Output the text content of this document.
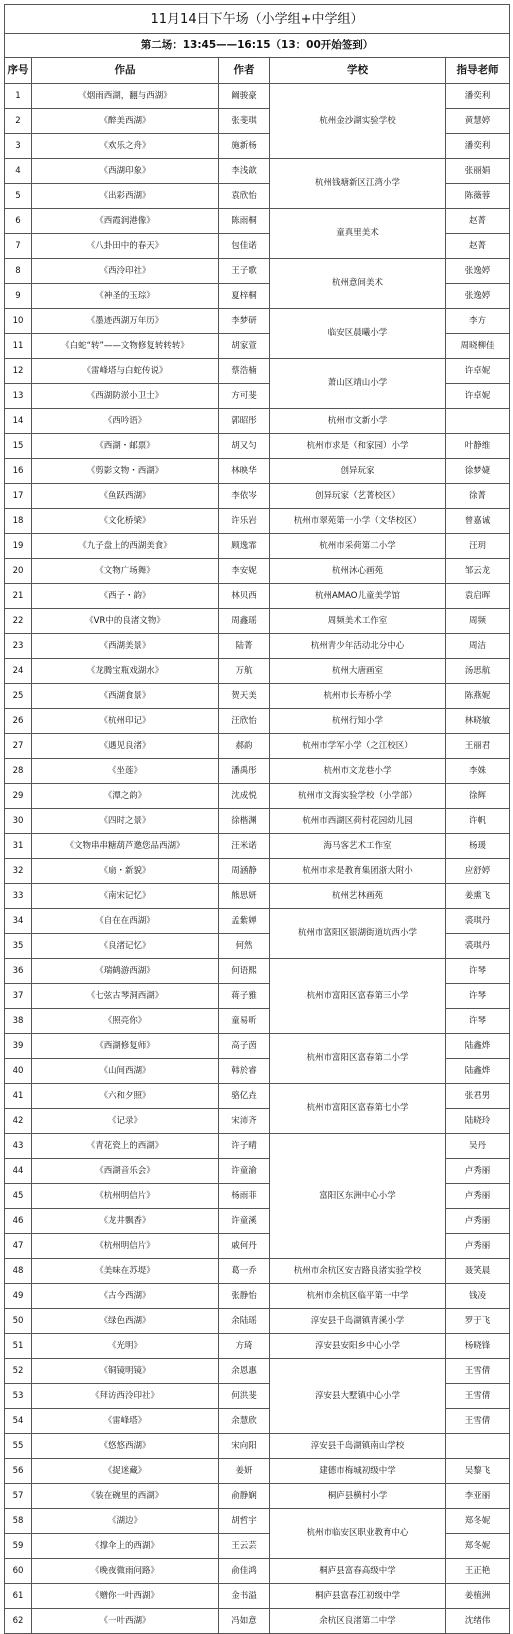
11月14日下午场（小学组+中学组）				
第二场：13:45——16:15（13：00开始签到）				
序号	作品	作者	学校	指导老师
1	《烟雨西湖，翻与西湖》	阚骏豪	杭州金沙湖实验学校	潘奕利
2	《醉美西湖》	张斐琪		黄慧婷
3	《欢乐之舟》	施新杨		潘奕利
4	《西湖印象》	李浅歆	杭州钱塘新区江湾小学	张丽娟
5	《出彩西湖》	袁欣怡		陈薇蓉
6	《西霞润港像》	陈雨桐	童真里美术	赵菁
7	《八卦田中的春天》	包佳诺		赵菁
8	《西泠印社》	王子歌	杭州意间美术	张逸婷
9	《神圣的玉琮》	夏梓桐		张逸婷
10	《墨迹西湖万年历》	李梦研	临安区晨曦小学	李方
11	《白蛇“转”——文物修复转转转》	胡家萱		周晓柳佳
12	《雷峰塔与白蛇传说》	蔡浩楠	萧山区靖山小学	许卓妮
13	《西湖防淤小卫士》	方可斐		许卓妮
14	《西吟语》	郭昭彤	杭州市文新小学	
15	《西湖・邮票》	胡又匀	杭州市求是（和家园）小学	叶静维
16	《剪影文物・西湖》	林映华	创异玩家	徐梦婕
17	《鱼跃西湖》	李依岑	创异玩家（艺菁校区）	徐菁
18	《文化桥梁》	许乐岩	杭州市翠苑第一小学（文华校区）	曾嘉诚
19	《九子盘上的西湖美食》	顾逸霏	杭州市采荷第二小学	汪玥
20	《文物广场舞》	李安妮	杭州沐心画苑	邹云龙
21	《西子・韵》	林贝西	杭州AMAO儿童美学馆	袁启晖
22	《VR中的良渚文物》	周鑫瑶	周频美术工作室	周频
23	《西湖美景》	陆菁	杭州青少年活动北分中心	周洁
24	《龙腾宝瓶戏湖水》	万航	杭州大唐画室	汤思航
25	《西湖食景》	贺天美	杭州市长寿桥小学	陈燕妮
26	《杭州印记》	汪欣怡	杭州行知小学	林晓敏
27	《遇见良渚》	郝韵	杭州市学军小学（之江校区）	王丽君
28	《坐莲》	潘禹彤	杭州市文龙巷小学	李姝
29	《潭之韵》	沈成悦	杭州市文海实验学校（小学部）	徐辉
30	《四时之景》	徐楷渊	杭州市西湖区荷村花园幼儿园	许帆
31	《文物串串糖葫芦邀您品西湖》	汪米诺	海马客艺术工作室	杨瑗
32	《扇・新貌》	周涵静	杭州市求是教育集团浙大附小	应舒婷
33	《南宋记忆》	熊思妍	杭州艺林画苑	姜熏飞
34	《自在在西湖》	孟紫婵	杭州市富阳区银湖街道坑西小学	裘琪丹
35	《良渚记忆》	何然		裘琪丹
36	《瑞鹤游西湖》	何语熙	杭州市富阳区富春第三小学	许琴
37	《七弦古琴洞西湖》	蒋子雅		许琴
38	《照亮你》	童易昕		许琴
39	《西湖修复师》	高子茵	杭州市富阳区富春第二小学	陆鑫烨
40	《山间西湖》	韩於睿		陆鑫烨
41	《六和夕照》	骆亿垚	杭州市富阳区富春第七小学	张君男
42	《记录》	宋沛齐		陆晓玲
43	《青花瓷上的西湖》	许子晴	富阳区东洲中心小学	吴丹
44	《西湖音乐会》	许童渝		卢秀丽
45	《杭州明信片》	杨雨菲		卢秀丽
46	《龙井飘香》	许童溪		卢秀丽
47	《杭州明信片》	戚何丹		卢秀丽
48	《美味在苏堤》	葛一乔	杭州市余杭区安吉路良渚实验学校	聂笑晨
49	《古今西湖》	张静怡	杭州市余杭区临平第一中学	钱凌
50	《绿色西湖》	余陆瑶	淳安县千岛湖镇青溪小学	罗于飞
51	《光明》	方琦	淳安县安阳乡中心小学	杨晓锋
52	《铜镜明镜》	余恩惠	淳安县大墅镇中心小学	王雪倩
53	《拜访西泠印社》	何洪斐		王雪倩
54	《雷峰塔》	余慧欣		王雪倩
55	《悠悠西湖》	宋向阳	淳安县千岛湖镇南山学校	
56	《捉迷藏》	姜妍	建德市梅城初级中学	吴黎飞
57	《装在碗里的西湖》	俞静娴	桐庐县横村小学	李亚丽
58	《湖边》	胡哲宇	杭州市临安区职业教育中心	郑冬妮
59	《撑伞上的西湖》	王云芸		郑冬妮
60	《晚夜微雨问路》	俞佳鸿	桐庐县富春高级中学	王正艳
61	《赠你一叶西湖》	金书溢	桐庐县富春江初级中学	姜植洲
62	《一叶西湖》	冯如意	余杭区良渚第二中学	沈绪伟
